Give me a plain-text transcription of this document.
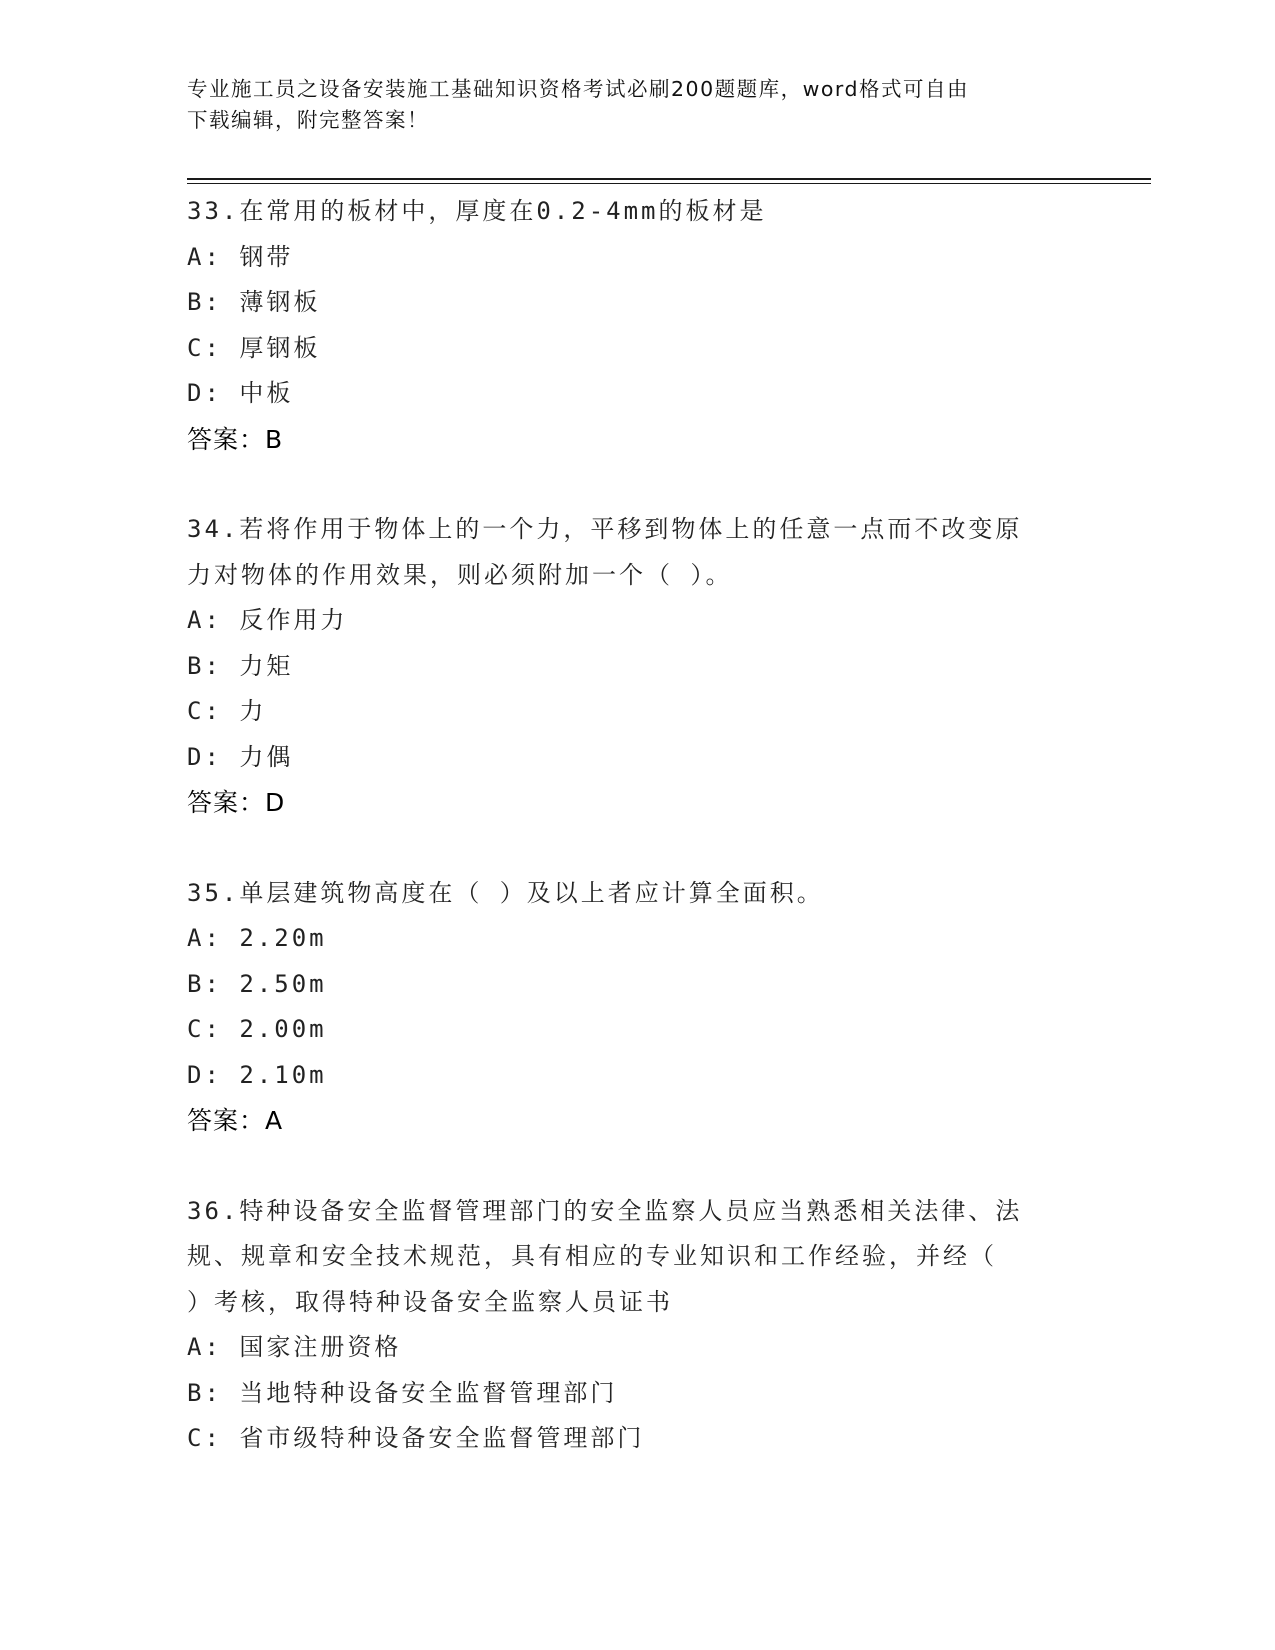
专业施工员之设备安装施工基础知识资格考试必刷200题题库，word格式可自由
下载编辑，附完整答案！
33.在常用的板材中，厚度在0.2-4mm的板材是
A: 钢带
B: 薄钢板
C: 厚钢板
D: 中板
答案：B
34.若将作用于物体上的一个力，平移到物体上的任意一点而不改变原
力对物体的作用效果，则必须附加一个（ ）。
A: 反作用力
B: 力矩
C: 力
D: 力偶
答案：D
35.单层建筑物高度在（ ）及以上者应计算全面积。
A: 2.20m
B: 2.50m
C: 2.00m
D: 2.10m
答案：A
36.特种设备安全监督管理部门的安全监察人员应当熟悉相关法律、法
规、规章和安全技术规范，具有相应的专业知识和工作经验，并经（
）考核，取得特种设备安全监察人员证书
A: 国家注册资格
B: 当地特种设备安全监督管理部门
C: 省市级特种设备安全监督管理部门
